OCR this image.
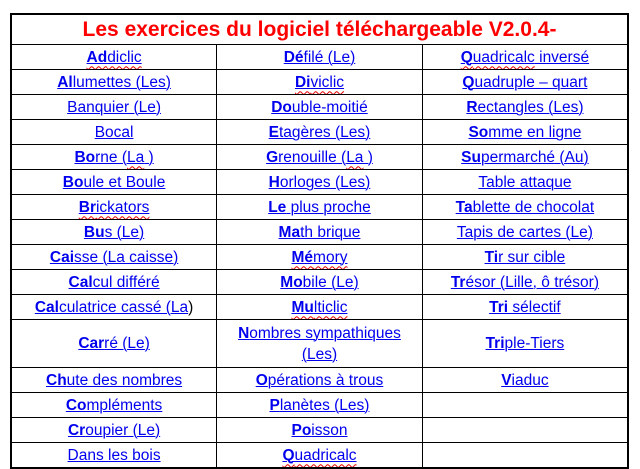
Les exercices du logiciel téléchargeable V2.0.4-		
Addiclic	Défilé (Le)	Quadricalc inversé
Allumettes (Les)	Diviclic	Quadruple – quart
Banquier (Le)	Double-moitié	Rectangles (Les)
Bocal	Etagères (Les)	Somme en ligne
Borne (La )	Grenouille (La )	Supermarché (Au)
Boule et Boule	Horloges (Les)	Table attaque
Brickators	Le plus proche	Tablette de chocolat
Bus (Le)	Math brique	Tapis de cartes (Le)
Caisse (La caisse)	Mémory	Tir sur cible
Calcul différé	Mobile (Le)	Trésor (Lille, ô trésor)
Calculatrice cassé (La)	Multiclic	Tri sélectif
Carré (Le)	Nombres sympathiques (Les)	Triple-Tiers
Chute des nombres	Opérations à trous	Viaduc
Compléments	Planètes (Les)	
Croupier (Le)	Poisson	
Dans les bois	Quadricalc	
